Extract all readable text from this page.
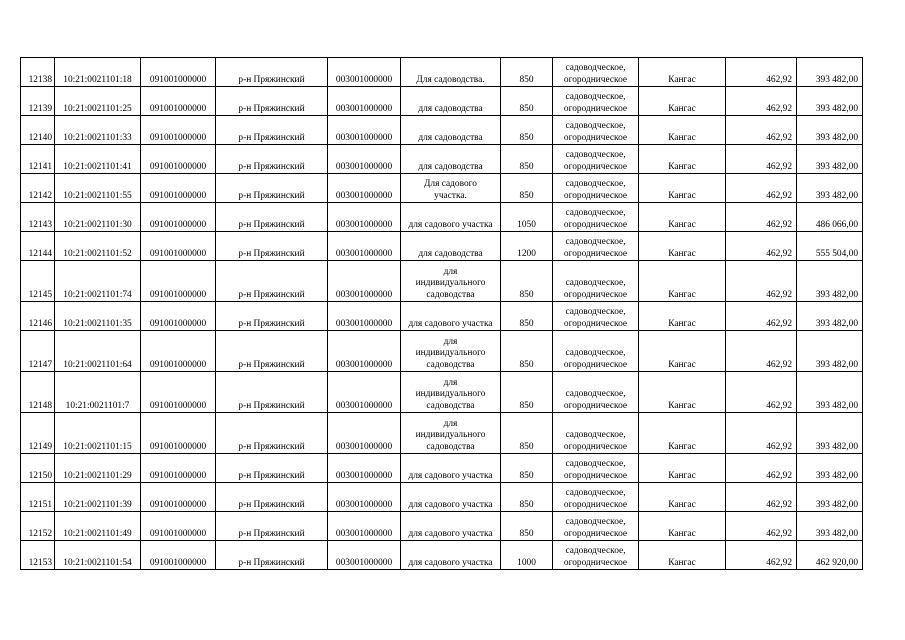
12138	10:21:0021101:18	091001000000	р-н Пряжинский	003001000000	Для садоводства.	850	садоводческое,
огородническое	Кангас	462,92	393 482,00
12139	10:21:0021101:25	091001000000	р-н Пряжинский	003001000000	для садоводства	850	садоводческое,
огородническое	Кангас	462,92	393 482,00
12140	10:21:0021101:33	091001000000	р-н Пряжинский	003001000000	для садоводства	850	садоводческое,
огородническое	Кангас	462,92	393 482,00
12141	10:21:0021101:41	091001000000	р-н Пряжинский	003001000000	для садоводства	850	садоводческое,
огородническое	Кангас	462,92	393 482,00
12142	10:21:0021101:55	091001000000	р-н Пряжинский	003001000000	Для садового
участка.	850	садоводческое,
огородническое	Кангас	462,92	393 482,00
12143	10:21:0021101:30	091001000000	р-н Пряжинский	003001000000	для садового участка	1050	садоводческое,
огородническое	Кангас	462,92	486 066,00
12144	10:21:0021101:52	091001000000	р-н Пряжинский	003001000000	для садоводства	1200	садоводческое,
огородническое	Кангас	462,92	555 504,00
12145	10:21:0021101:74	091001000000	р-н Пряжинский	003001000000	для
индивидуального
садоводства	850	садоводческое,
огородническое	Кангас	462,92	393 482,00
12146	10:21:0021101:35	091001000000	р-н Пряжинский	003001000000	для садового участка	850	садоводческое,
огородническое	Кангас	462,92	393 482,00
12147	10:21:0021101:64	091001000000	р-н Пряжинский	003001000000	для
индивидуального
садоводства	850	садоводческое,
огородническое	Кангас	462,92	393 482,00
12148	10:21:0021101:7	091001000000	р-н Пряжинский	003001000000	для
индивидуального
садоводства	850	садоводческое,
огородническое	Кангас	462,92	393 482,00
12149	10:21:0021101:15	091001000000	р-н Пряжинский	003001000000	для
индивидуального
садоводства	850	садоводческое,
огородническое	Кангас	462,92	393 482,00
12150	10:21:0021101:29	091001000000	р-н Пряжинский	003001000000	для садового участка	850	садоводческое,
огородническое	Кангас	462,92	393 482,00
12151	10:21:0021101:39	091001000000	р-н Пряжинский	003001000000	для садового участка	850	садоводческое,
огородническое	Кангас	462,92	393 482,00
12152	10:21:0021101:49	091001000000	р-н Пряжинский	003001000000	для садового участка	850	садоводческое,
огородническое	Кангас	462,92	393 482,00
12153	10:21:0021101:54	091001000000	р-н Пряжинский	003001000000	для садового участка	1000	садоводческое,
огородническое	Кангас	462,92	462 920,00
